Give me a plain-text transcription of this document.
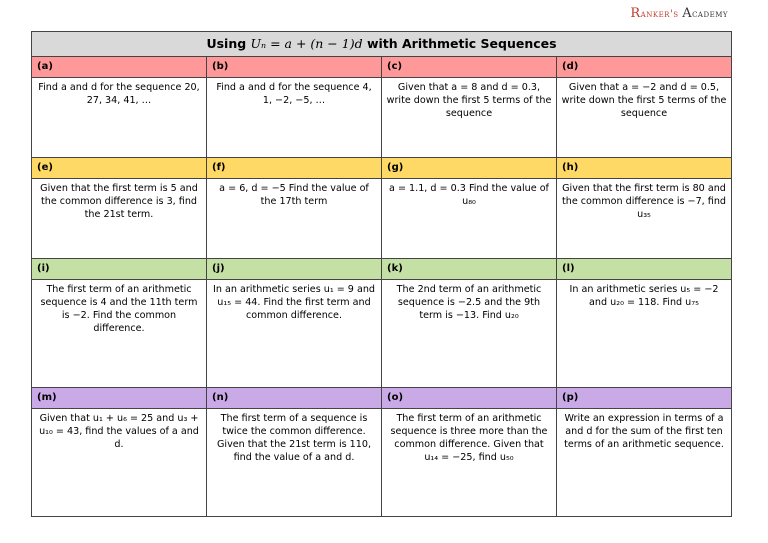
Ranker's Academy
Using Uₙ = a + (n − 1)d with Arithmetic Sequences			
(a)	(b)	(c)	(d)
Find a and d for the sequence 20, 27, 34, 41, …	Find a and d for the sequence 4, 1, −2, −5, …	Given that a = 8 and d = 0.3, write down the first 5 terms of the sequence	Given that a = −2 and d = 0.5, write down the first 5 terms of the sequence
(e)	(f)	(g)	(h)
Given that the first term is 5 and the common difference is 3, find the 21st term.	a = 6, d = −5 Find the value of the 17th term	a = 1.1, d = 0.3 Find the value of u₈₀	Given that the first term is 80 and the common difference is −7, find u₃₅
(i)	(j)	(k)	(l)
The first term of an arithmetic sequence is 4 and the 11th term is −2. Find the common difference.	In an arithmetic series u₁ = 9 and u₁₅ = 44. Find the first term and common difference.	The 2nd term of an arithmetic sequence is −2.5 and the 9th term is −13. Find u₂₀	In an arithmetic series u₅ = −2 and u₂₀ = 118. Find u₇₅
(m)	(n)	(o)	(p)
Given that u₁ + u₆ = 25 and u₃ + u₁₀ = 43, find the values of a and d.	The first term of a sequence is twice the common difference. Given that the 21st term is 110, find the value of a and d.	The first term of an arithmetic sequence is three more than the common difference. Given that u₁₄ = −25, find u₅₀	Write an expression in terms of a and d for the sum of the first ten terms of an arithmetic sequence.
